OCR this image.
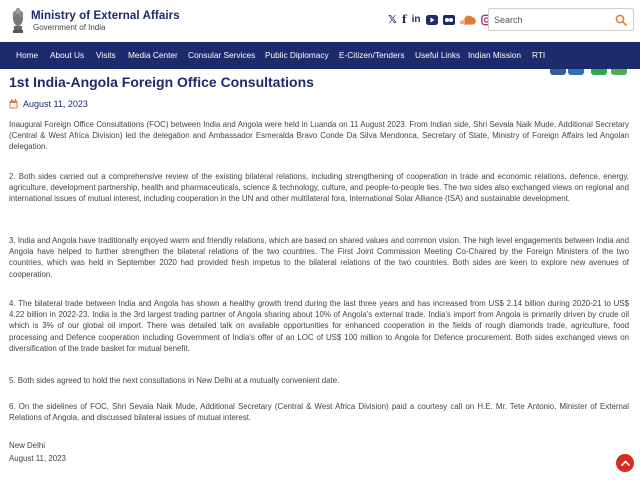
Ministry of External Affairs
Government of India
𝕏 f in
Search
Home About Us Visits Media Center Consular Services Public Diplomacy E-Citizen/Tenders Useful Links Indian Mission RTI
1st India-Angola Foreign Office Consultations
August 11, 2023

Inaugural Foreign Office Consultations (FOC) between India and Angola were held in Luanda on 11 August 2023. From Indian side, Shri Sevala Naik Mude, Additional Secretary (Central & West Africa Division) led the delegation and Ambassador Esmeralda Bravo Conde Da Silva Mendonca, Secretary of State, Ministry of Foreign Affairs led Angolan delegation.

2. Both sides carried out a comprehensive review of the existing bilateral relations, including strengthening of cooperation in trade and economic relations, defence, energy, agriculture, development partnership, health and pharmaceuticals, science & technology, culture, and people-to-people ties. The two sides also exchanged views on regional and international issues of mutual interest, including cooperation in the UN and other multilateral fora, International Solar Alliance (ISA) and sustainable development.

3. India and Angola have traditionally enjoyed warm and friendly relations, which are based on shared values and common vision. The high level engagements between India and Angola have helped to further strengthen the bilateral relations of the two countries. The First Joint Commission Meeting Co-Chaired by the Foreign Ministers of the two countries, which was held in September 2020 had provided fresh impetus to the bilateral relations of the two countries. Both sides are keen to explore new avenues of cooperation.

4. The bilateral trade between India and Angola has shown a healthy growth trend during the last three years and has increased from US$ 2.14 billion during 2020-21 to US$ 4.22 billion in 2022-23. India is the 3rd largest trading partner of Angola sharing about 10% of Angola's external trade. India's import from Angola is primarily driven by crude oil which is 3% of our global oil import. There was detailed talk on available opportunities for enhanced cooperation in the fields of rough diamonds trade, agriculture, food processing and Defence cooperation including Government of India's offer of an LOC of US$ 100 million to Angola for Defence procurement. Both sides exchanged views on diversification of the trade basket for mutual benefit.

5. Both sides agreed to hold the next consultations in New Delhi at a mutually convenient date.

6. On the sidelines of FOC, Shri Sevala Naik Mude, Additional Secretary (Central & West Africa Division) paid a courtesy call on H.E. Mr. Tete Antonio, Minister of External Relations of Angola, and discussed bilateral issues of mutual interest.

New Delhi
August 11, 2023
